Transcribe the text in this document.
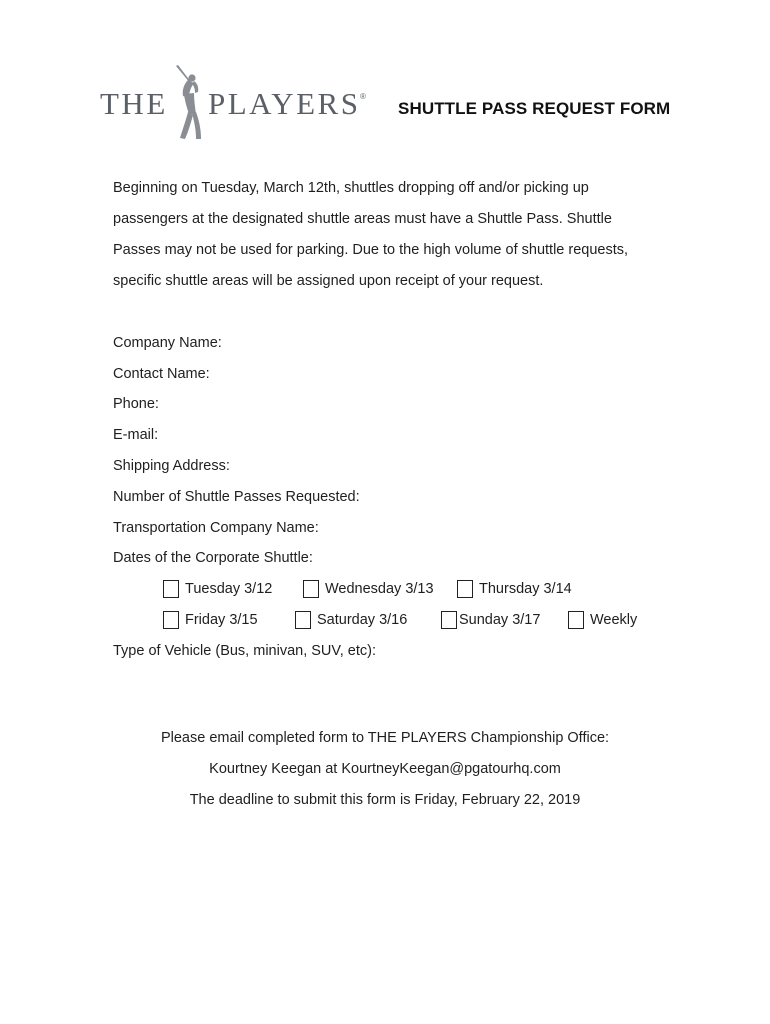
THE PLAYERS ®
SHUTTLE PASS REQUEST FORM
Beginning on Tuesday, March 12th, shuttles dropping off and/or picking up
passengers at the designated shuttle areas must have a Shuttle Pass. Shuttle
Passes may not be used for parking. Due to the high volume of shuttle requests,
specific shuttle areas will be assigned upon receipt of your request.
Company Name:
Contact Name:
Phone:
E-mail:
Shipping Address:
Number of Shuttle Passes Requested:
Transportation Company Name:
Dates of the Corporate Shuttle:
Tuesday 3/12	Wednesday 3/13	Thursday 3/14
Friday 3/15	Saturday 3/16	Sunday 3/17	Weekly
Type of Vehicle (Bus, minivan, SUV, etc):
Please email completed form to THE PLAYERS Championship Office:
Kourtney Keegan at KourtneyKeegan@pgatourhq.com
The deadline to submit this form is Friday, February 22, 2019
